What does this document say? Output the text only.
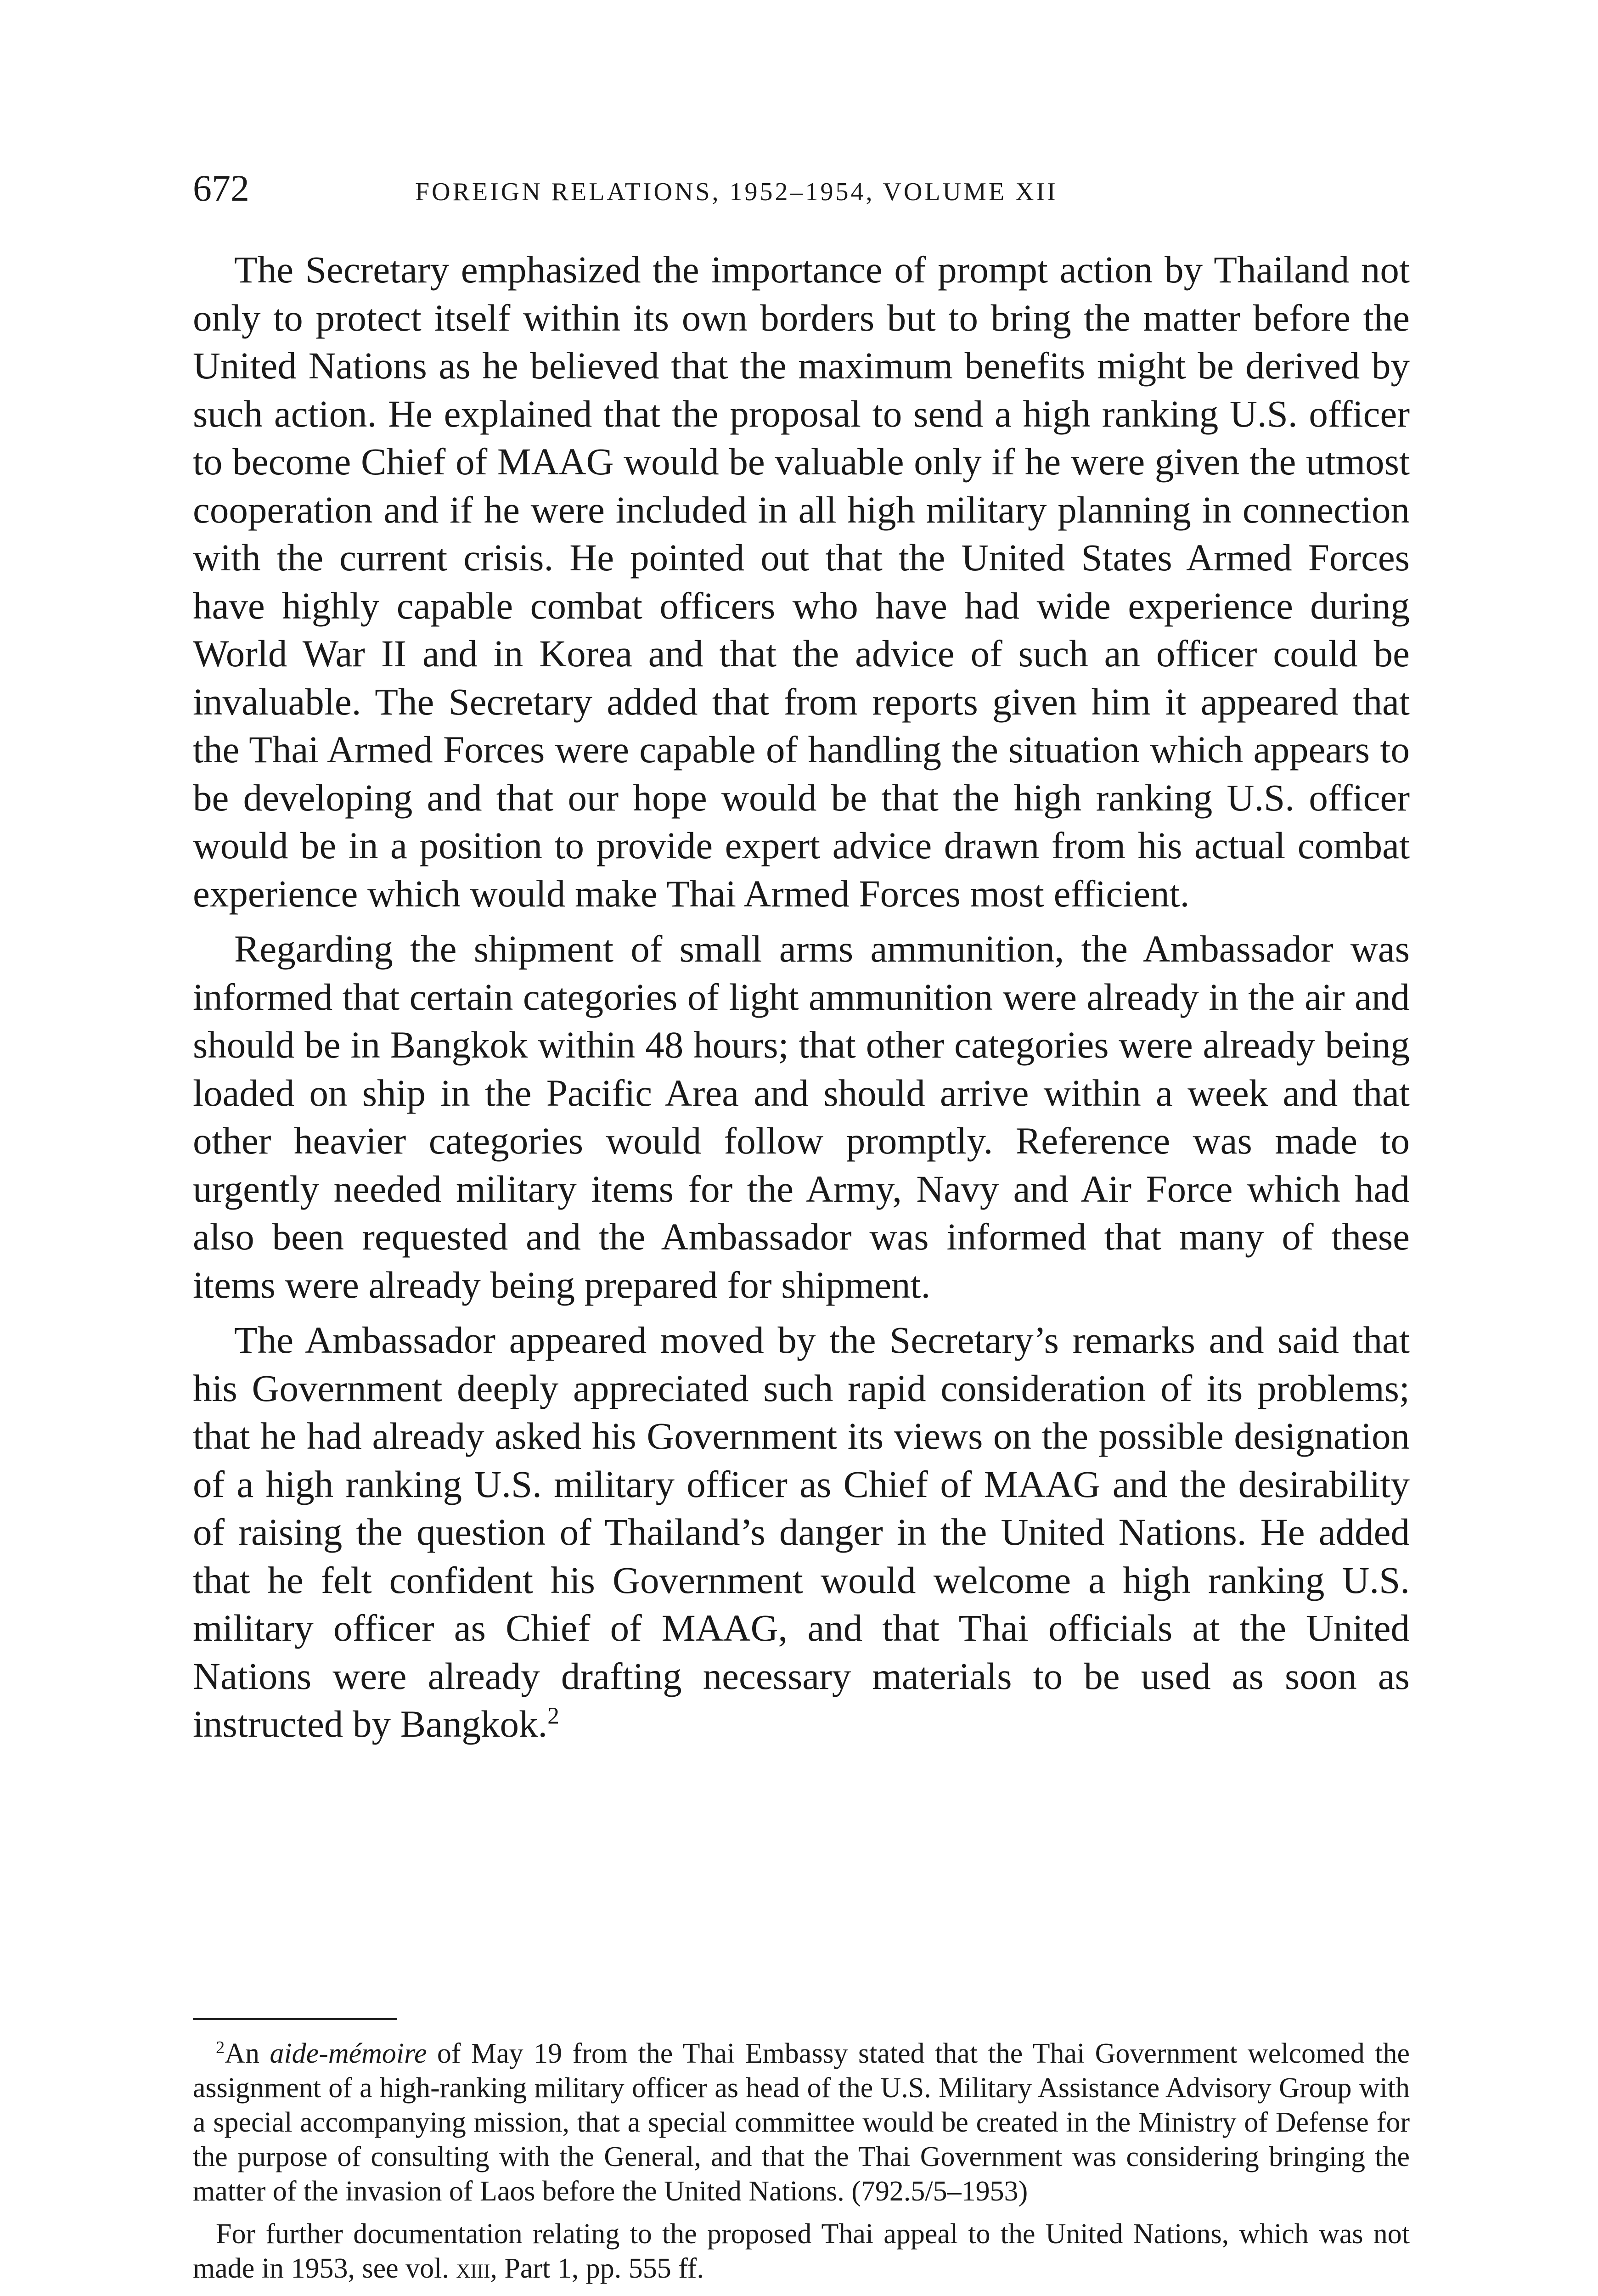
672	FOREIGN RELATIONS, 1952–1954, VOLUME XII

The Secretary emphasized the importance of prompt action by Thailand not only to protect itself within its own borders but to bring the matter before the United Nations as he believed that the maximum benefits might be derived by such action. He explained that the proposal to send a high ranking U.S. officer to become Chief of MAAG would be valuable only if he were given the utmost cooperation and if he were included in all high military planning in connection with the current crisis. He pointed out that the United States Armed Forces have highly capable combat officers who have had wide experience during World War II and in Korea and that the advice of such an officer could be invaluable. The Secretary added that from reports given him it appeared that the Thai Armed Forces were capable of handling the situation which appears to be developing and that our hope would be that the high ranking U.S. officer would be in a position to provide expert advice drawn from his actual combat experience which would make Thai Armed Forces most efficient.

Regarding the shipment of small arms ammunition, the Ambassador was informed that certain categories of light ammunition were already in the air and should be in Bangkok within 48 hours; that other categories were already being loaded on ship in the Pacific Area and should arrive within a week and that other heavier categories would follow promptly. Reference was made to urgently needed military items for the Army, Navy and Air Force which had also been requested and the Ambassador was informed that many of these items were already being prepared for shipment.

The Ambassador appeared moved by the Secretary’s remarks and said that his Government deeply appreciated such rapid consideration of its problems; that he had already asked his Government its views on the possible designation of a high ranking U.S. military officer as Chief of MAAG and the desirability of raising the question of Thailand’s danger in the United Nations. He added that he felt confident his Government would welcome a high ranking U.S. military officer as Chief of MAAG, and that Thai officials at the United Nations were already drafting necessary materials to be used as soon as instructed by Bangkok.$^2$

$^2$An aide-mémoire of May 19 from the Thai Embassy stated that the Thai Government welcomed the assignment of a high-ranking military officer as head of the U.S. Military Assistance Advisory Group with a special accompanying mission, that a special committee would be created in the Ministry of Defense for the purpose of consulting with the General, and that the Thai Government was considering bringing the matter of the invasion of Laos before the United Nations. (792.5/5–1953)

For further documentation relating to the proposed Thai appeal to the United Nations, which was not made in 1953, see vol. xiii, Part 1, pp. 555 ff.
